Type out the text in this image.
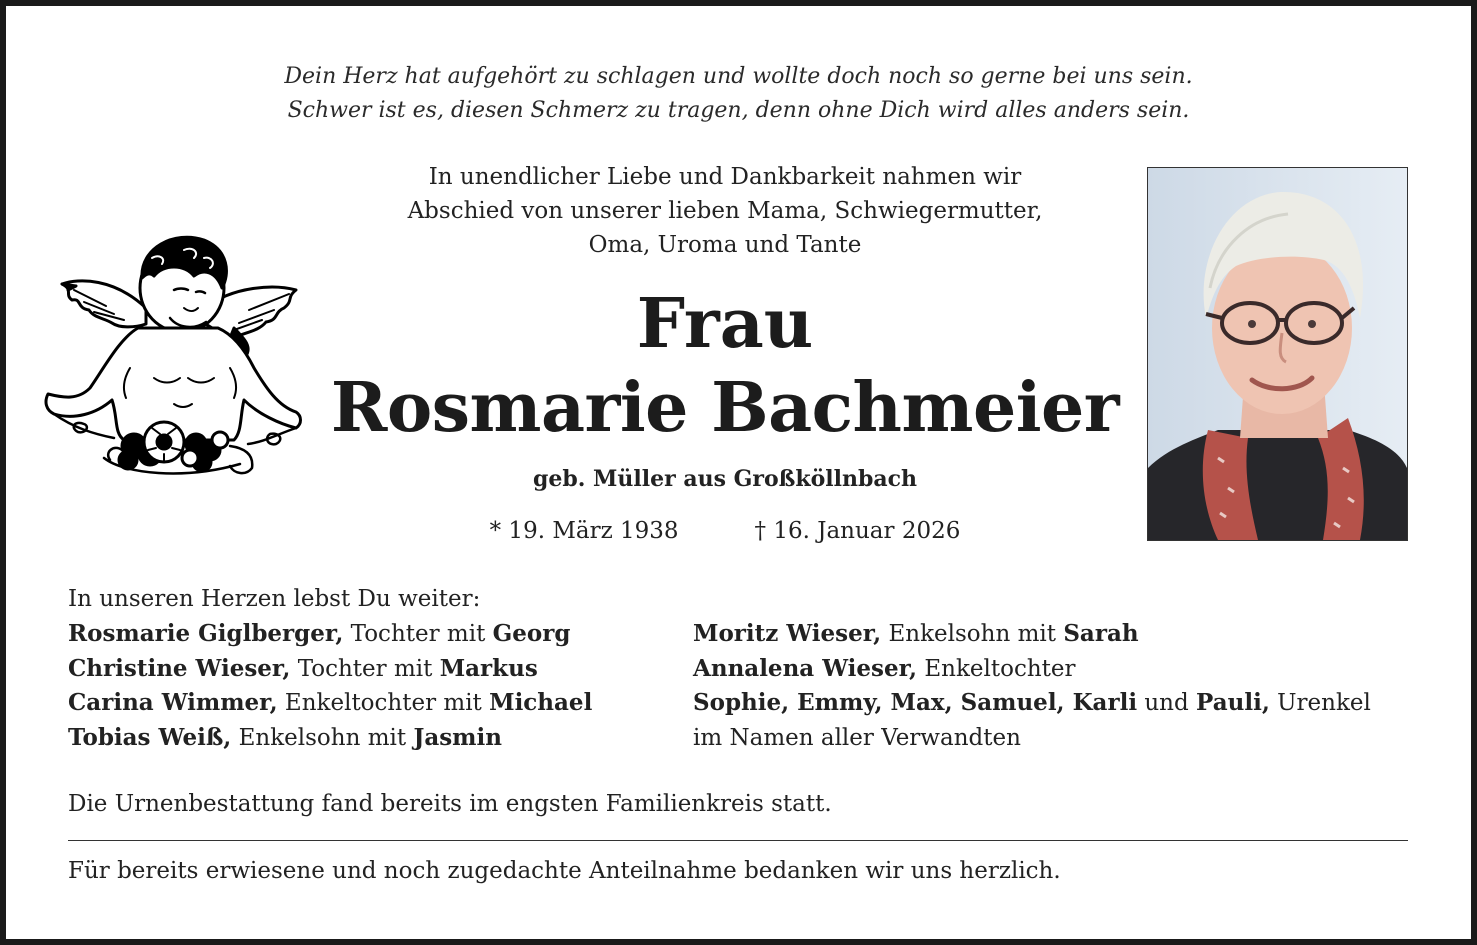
Dein Herz hat aufgehört zu schlagen und wollte doch noch so gerne bei uns sein.
Schwer ist es, diesen Schmerz zu tragen, denn ohne Dich wird alles anders sein.
In unendlicher Liebe und Dankbarkeit nahmen wir
Abschied von unserer lieben Mama, Schwiegermutter,
Oma, Uroma und Tante
Frau
Rosmarie Bachmeier
geb. Müller aus Großköllnbach
* 19. März 1938	† 16. Januar 2026
In unseren Herzen lebst Du weiter:
Rosmarie Giglberger, Tochter mit Georg
Christine Wieser, Tochter mit Markus
Carina Wimmer, Enkeltochter mit Michael
Tobias Weiß, Enkelsohn mit Jasmin
Moritz Wieser, Enkelsohn mit Sarah
Annalena Wieser, Enkeltochter
Sophie, Emmy, Max, Samuel, Karli und Pauli, Urenkel
im Namen aller Verwandten
Die Urnenbestattung fand bereits im engsten Familienkreis statt.
Für bereits erwiesene und noch zugedachte Anteilnahme bedanken wir uns herzlich.
